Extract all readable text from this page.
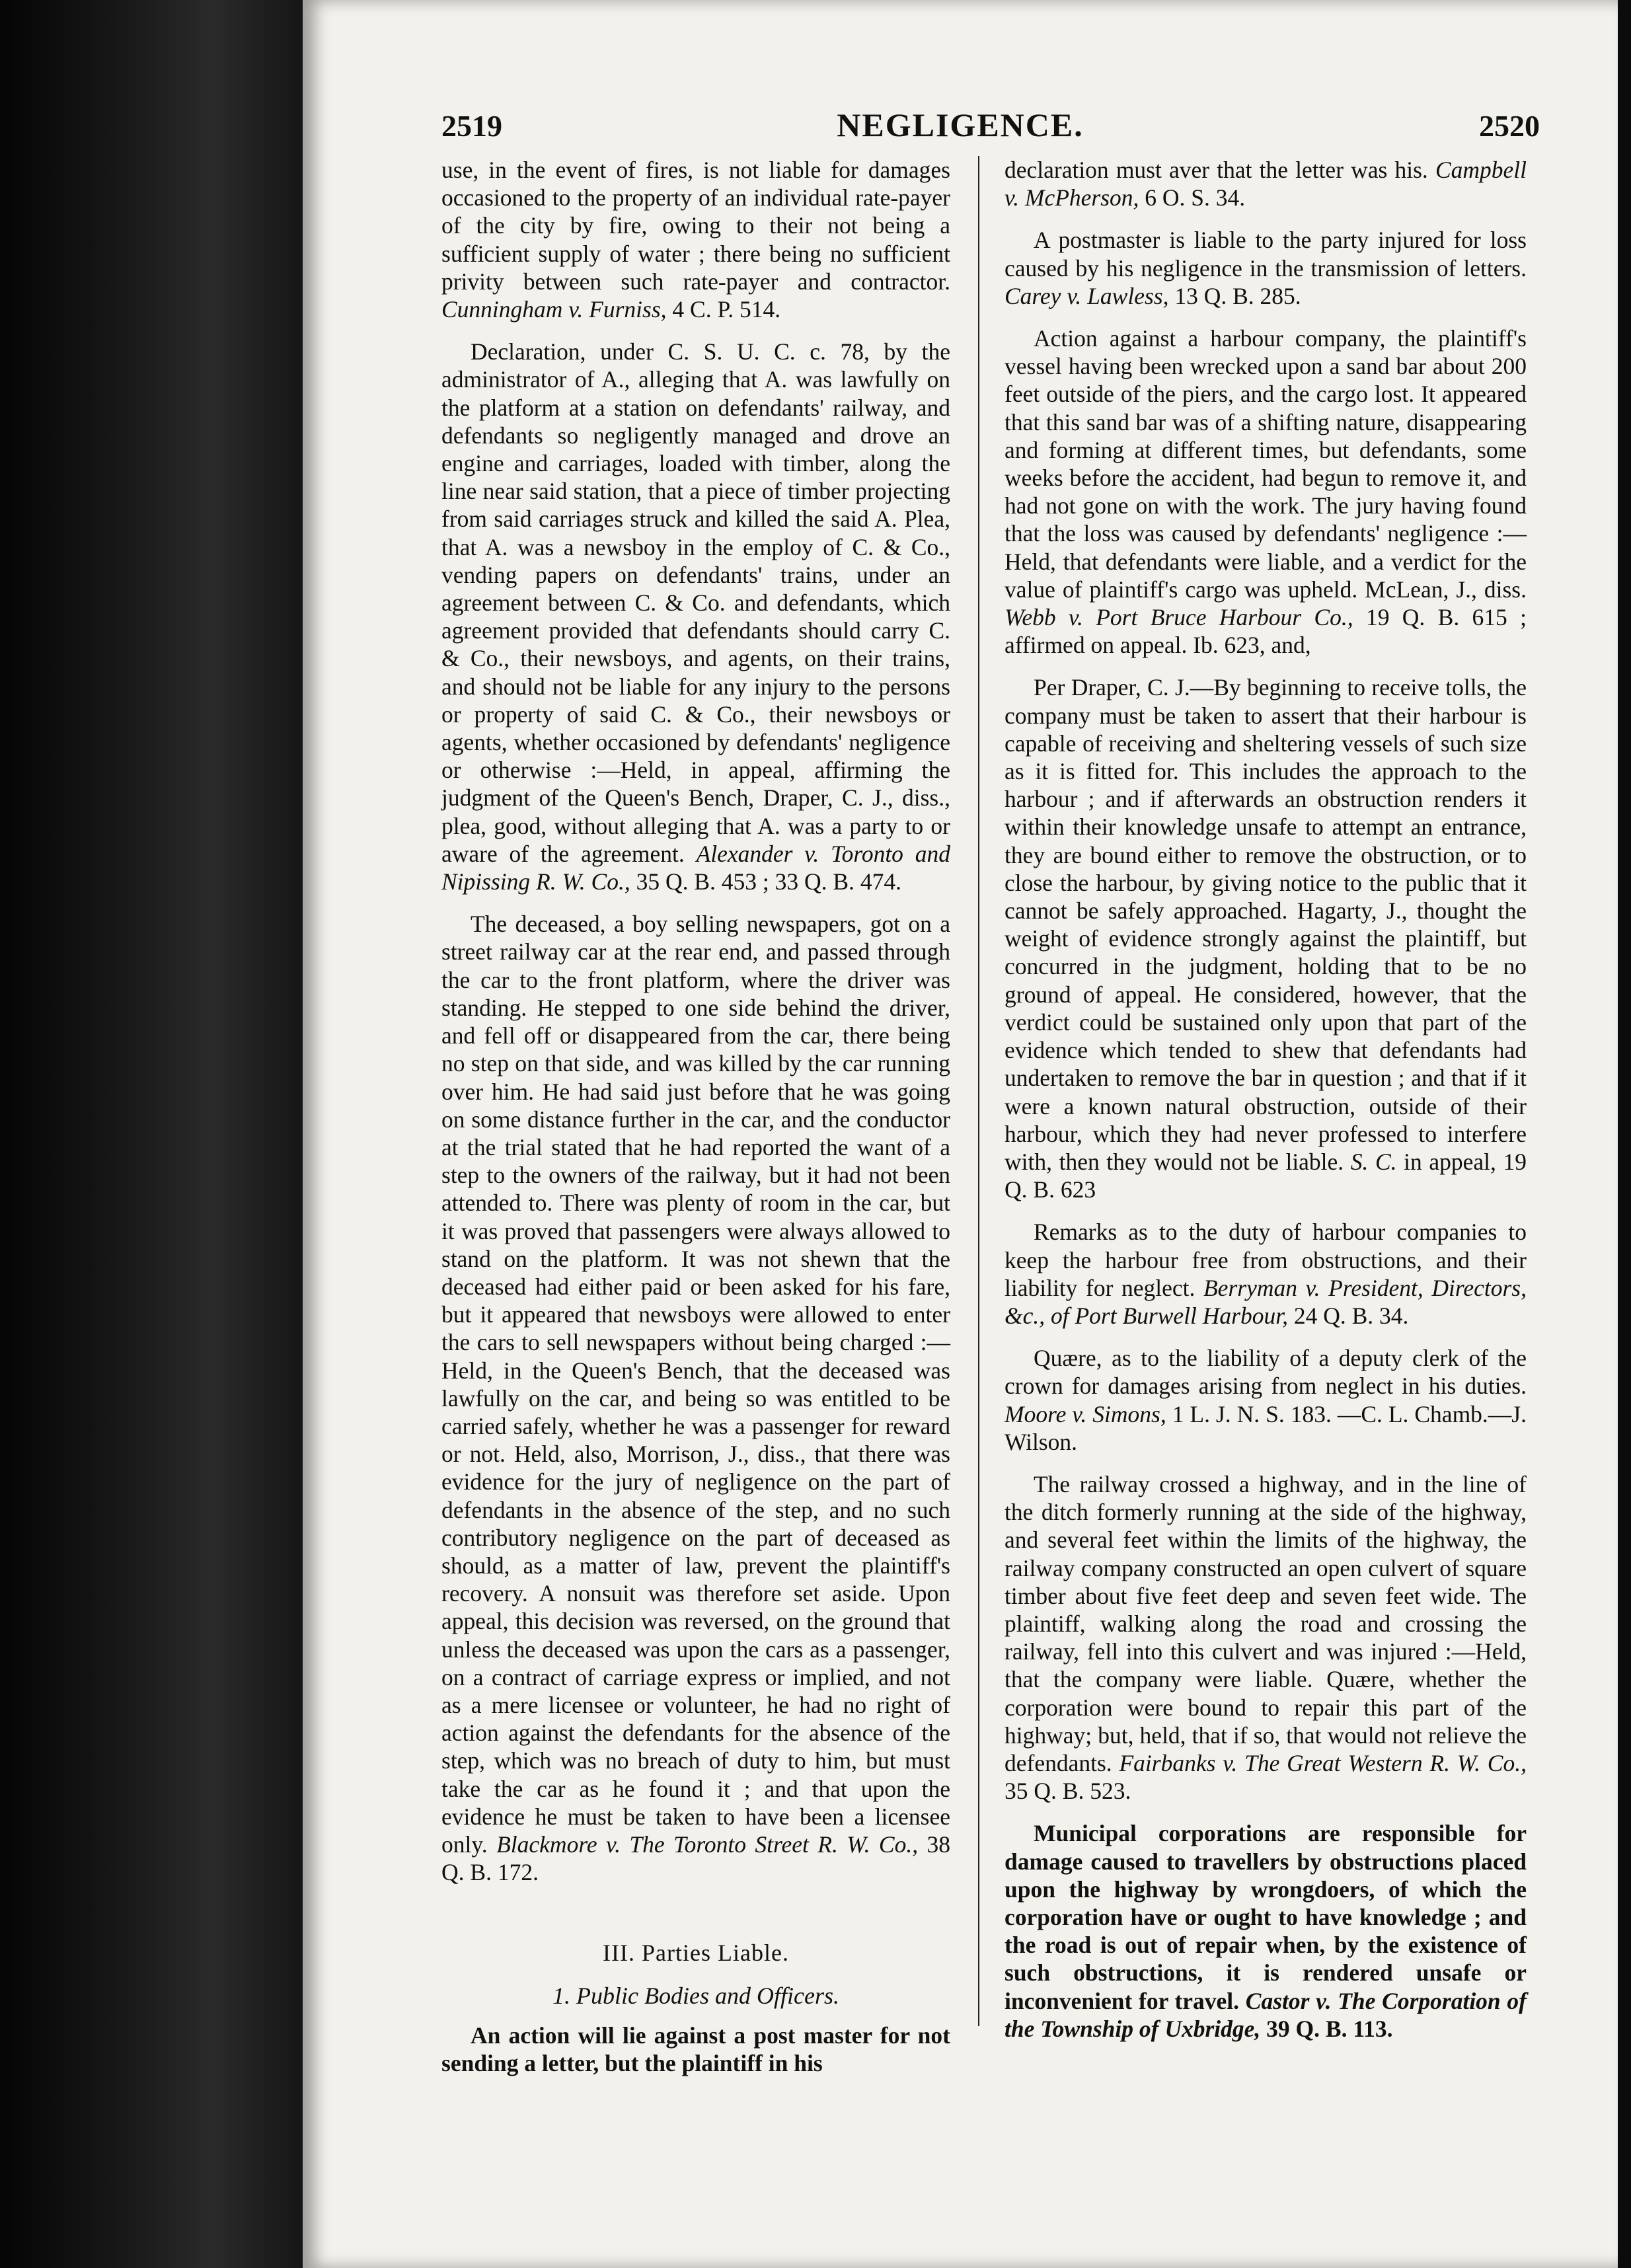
2519	NEGLIGENCE.	2520

use, in the event of fires, is not liable for damages occasioned to the property of an individual rate-payer of the city by fire, owing to their not being a sufficient supply of water ; there being no sufficient privity between such rate-payer and contractor. Cunningham v. Furniss, 4 C. P. 514.

Declaration, under C. S. U. C. c. 78, by the administrator of A., alleging that A. was lawfully on the platform at a station on defendants' railway, and defendants so negligently managed and drove an engine and carriages, loaded with timber, along the line near said station, that a piece of timber projecting from said carriages struck and killed the said A. Plea, that A. was a newsboy in the employ of C. & Co., vending papers on defendants' trains, under an agreement between C. & Co. and defendants, which agreement provided that defendants should carry C. & Co., their newsboys, and agents, on their trains, and should not be liable for any injury to the persons or property of said C. & Co., their newsboys or agents, whether occasioned by defendants' negligence or otherwise :—Held, in appeal, affirming the judgment of the Queen's Bench, Draper, C. J., diss., plea, good, without alleging that A. was a party to or aware of the agreement. Alexander v. Toronto and Nipissing R. W. Co., 35 Q. B. 453 ; 33 Q. B. 474.

The deceased, a boy selling newspapers, got on a street railway car at the rear end, and passed through the car to the front platform, where the driver was standing. He stepped to one side behind the driver, and fell off or disappeared from the car, there being no step on that side, and was killed by the car running over him. He had said just before that he was going on some distance further in the car, and the conductor at the trial stated that he had reported the want of a step to the owners of the railway, but it had not been attended to. There was plenty of room in the car, but it was proved that passengers were always allowed to stand on the platform. It was not shewn that the deceased had either paid or been asked for his fare, but it appeared that newsboys were allowed to enter the cars to sell newspapers without being charged :—Held, in the Queen's Bench, that the deceased was lawfully on the car, and being so was entitled to be carried safely, whether he was a passenger for reward or not. Held, also, Morrison, J., diss., that there was evidence for the jury of negligence on the part of defendants in the absence of the step, and no such contributory negligence on the part of deceased as should, as a matter of law, prevent the plaintiff's recovery. A nonsuit was therefore set aside. Upon appeal, this decision was reversed, on the ground that unless the deceased was upon the cars as a passenger, on a contract of carriage express or implied, and not as a mere licensee or volunteer, he had no right of action against the defendants for the absence of the step, which was no breach of duty to him, but must take the car as he found it ; and that upon the evidence he must be taken to have been a licensee only. Blackmore v. The Toronto Street R. W. Co., 38 Q. B. 172.

III. Parties Liable.
1. Public Bodies and Officers.

An action will lie against a post master for not sending a letter, but the plaintiff in his

declaration must aver that the letter was his. Campbell v. McPherson, 6 O. S. 34.

A postmaster is liable to the party injured for loss caused by his negligence in the transmission of letters. Carey v. Lawless, 13 Q. B. 285.

Action against a harbour company, the plaintiff's vessel having been wrecked upon a sand bar about 200 feet outside of the piers, and the cargo lost. It appeared that this sand bar was of a shifting nature, disappearing and forming at different times, but defendants, some weeks before the accident, had begun to remove it, and had not gone on with the work. The jury having found that the loss was caused by defendants' negligence :—Held, that defendants were liable, and a verdict for the value of plaintiff's cargo was upheld. McLean, J., diss. Webb v. Port Bruce Harbour Co., 19 Q. B. 615 ; affirmed on appeal. Ib. 623, and,

Per Draper, C. J.—By beginning to receive tolls, the company must be taken to assert that their harbour is capable of receiving and sheltering vessels of such size as it is fitted for. This includes the approach to the harbour ; and if afterwards an obstruction renders it within their knowledge unsafe to attempt an entrance, they are bound either to remove the obstruction, or to close the harbour, by giving notice to the public that it cannot be safely approached. Hagarty, J., thought the weight of evidence strongly against the plaintiff, but concurred in the judgment, holding that to be no ground of appeal. He considered, however, that the verdict could be sustained only upon that part of the evidence which tended to shew that defendants had undertaken to remove the bar in question ; and that if it were a known natural obstruction, outside of their harbour, which they had never professed to interfere with, then they would not be liable. S. C. in appeal, 19 Q. B. 623

Remarks as to the duty of harbour companies to keep the harbour free from obstructions, and their liability for neglect. Berryman v. President, Directors, &c., of Port Burwell Harbour, 24 Q. B. 34.

Quære, as to the liability of a deputy clerk of the crown for damages arising from neglect in his duties. Moore v. Simons, 1 L. J. N. S. 183. —C. L. Chamb.—J. Wilson.

The railway crossed a highway, and in the line of the ditch formerly running at the side of the highway, and several feet within the limits of the highway, the railway company constructed an open culvert of square timber about five feet deep and seven feet wide. The plaintiff, walking along the road and crossing the railway, fell into this culvert and was injured :—Held, that the company were liable. Quære, whether the corporation were bound to repair this part of the highway; but, held, that if so, that would not relieve the defendants. Fairbanks v. The Great Western R. W. Co., 35 Q. B. 523.

Municipal corporations are responsible for damage caused to travellers by obstructions placed upon the highway by wrongdoers, of which the corporation have or ought to have knowledge ; and the road is out of repair when, by the existence of such obstructions, it is rendered unsafe or inconvenient for travel. Castor v. The Corporation of the Township of Uxbridge, 39 Q. B. 113.
